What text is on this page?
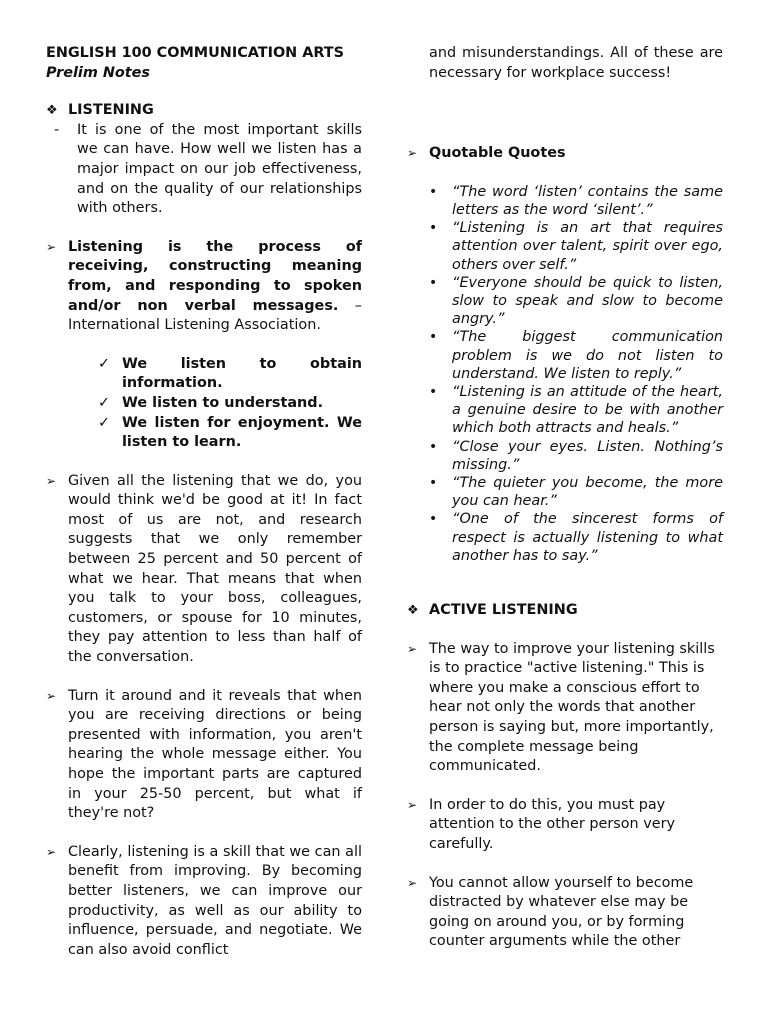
ENGLISH 100 COMMUNICATION ARTS

Prelim Notes

❖ LISTENING
-	It is one of the most important skills we can have. How well we listen has a major impact on our job effectiveness, and on the quality of our relationships with others.

➢ Listening is the process of receiving, constructing meaning from, and responding to spoken and/or non verbal messages. – International Listening Association.

✓ We listen to obtain information.

✓ We listen to understand.

✓ We listen for enjoyment. We listen to learn.

➢ Given all the listening that we do, you would think we'd be good at it! In fact most of us are not, and research suggests that we only remember between 25 percent and 50 percent of what we hear. That means that when you talk to your boss, colleagues, customers, or spouse for 10 minutes, they pay attention to less than half of the conversation.

➢ Turn it around and it reveals that when you are receiving directions or being presented with information, you aren't hearing the whole message either. You hope the important parts are captured in your 25-50 percent, but what if they're not?

➢ Clearly, listening is a skill that we can all benefit from improving. By becoming better listeners, we can improve our productivity, as well as our ability to influence, persuade, and negotiate. We can also avoid conflict

and misunderstandings. All of these are necessary for workplace success!

➢ Quotable Quotes
•	“The word ‘listen’ contains the same letters as the word ‘silent’.”

•	“Listening is an art that requires attention over talent, spirit over ego, others over self.”

•	“Everyone should be quick to listen, slow to speak and slow to become angry.”

•	“The biggest communication problem is we do not listen to understand. We listen to reply.”

•	“Listening is an attitude of the heart, a genuine desire to be with another which both attracts and heals.”

•	“Close your eyes. Listen. Nothing’s missing.”

•	“The quieter you become, the more you can hear.”

•	“One of the sincerest forms of respect is actually listening to what another has to say.”

❖ ACTIVE LISTENING
➢ The way to improve your listening skills is to practice "active listening." This is where you make a conscious effort to hear not only the words that another person is saying but, more importantly, the complete message being communicated.

➢ In order to do this, you must pay attention to the other person very carefully.

➢ You cannot allow yourself to become distracted by whatever else may be going on around you, or by forming counter arguments while the other
